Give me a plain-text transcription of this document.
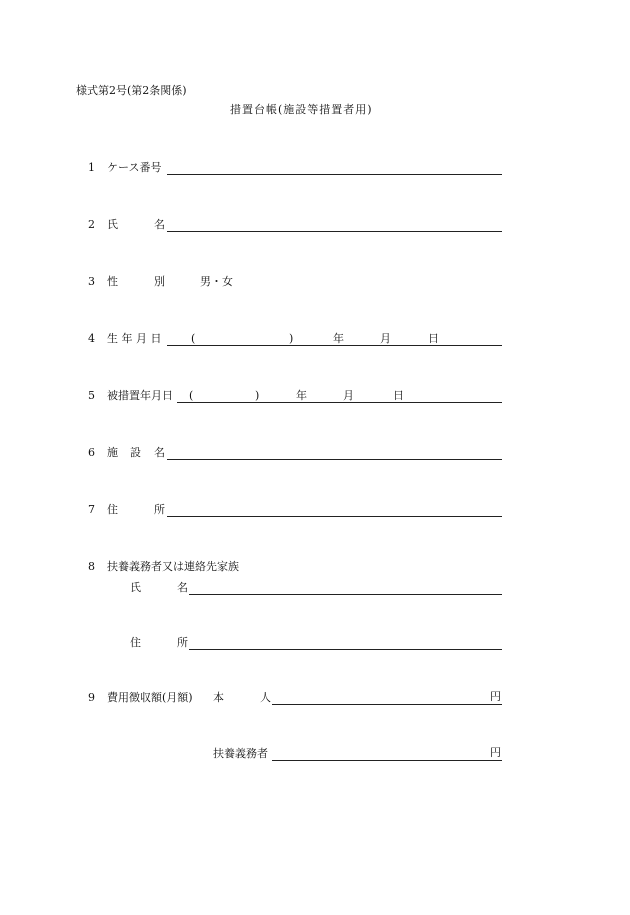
様式第2号(第2条関係)
措置台帳(施設等措置者用)
1 ケース番号
2 氏	名
3 性	別	男・女
4 生 年 月 日	(	)	年	月	日
5 被措置年月日 (	)	年	月	日
6 施 設 名
7 住	所
8 扶養義務者又は連絡先家族
氏	名
住	所
9 費用徴収額(月額) 本	人	円
扶養義務者	円
